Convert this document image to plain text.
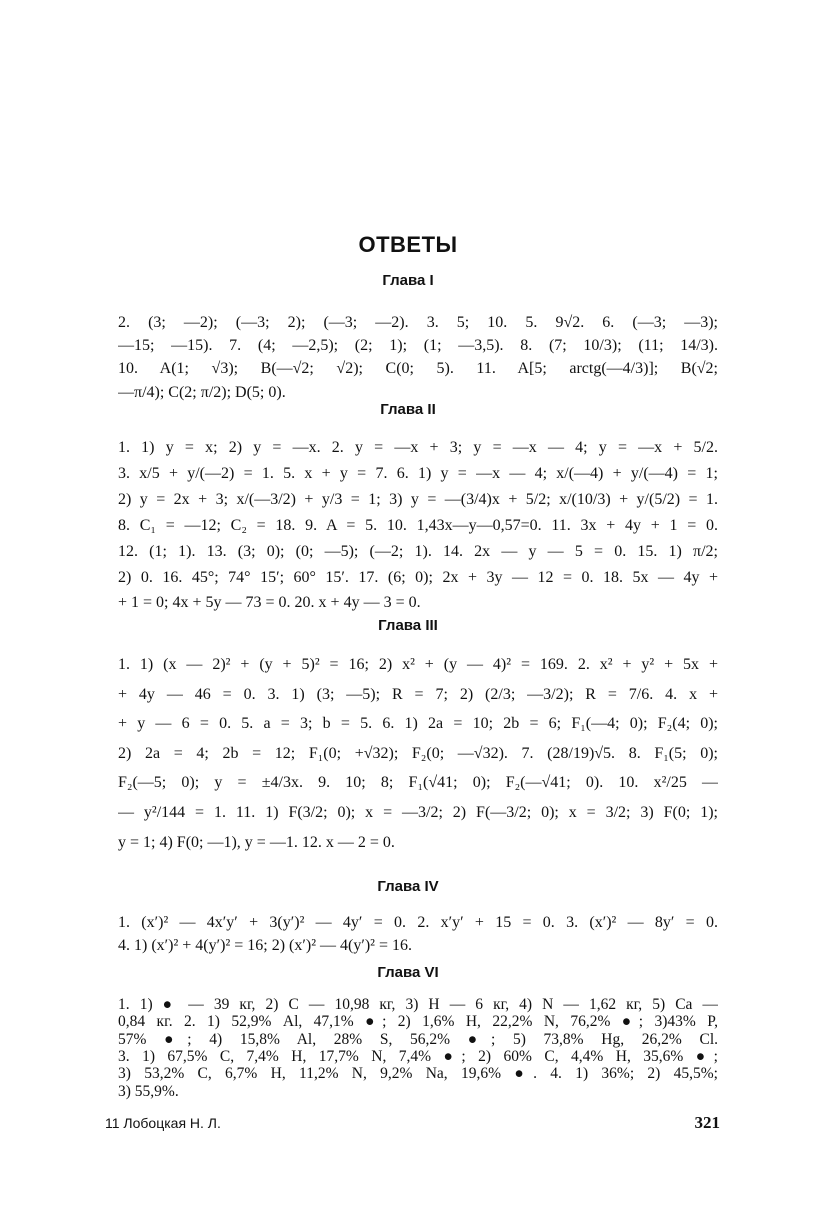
ОТВЕТЫ
Глава I
2. (3; —2); (—3; 2); (—3; —2). 3. 5; 10. 5. 9√2. 6. (—3; —3);
—15; —15). 7. (4; —2,5); (2; 1); (1; —3,5). 8. (7; 10/3); (11; 14/3).
10. A(1; √3); B(—√2; √2); C(0; 5). 11. A[5; arctg(—4/3)]; B(√2;
—π/4); C(2; π/2); D(5; 0).
Глава II
1. 1) y = x; 2) y = —x. 2. y = —x + 3; y = —x — 4; y = —x + 5/2.
3. x/5 + y/(—2) = 1. 5. x + y = 7. 6. 1) y = —x — 4; x/(—4) + y/(—4) = 1;
2) y = 2x + 3; x/(—3/2) + y/3 = 1; 3) y = —(3/4)x + 5/2; x/(10/3) + y/(5/2) = 1.
8. C₁ = —12; C₂ = 18. 9. A = 5. 10. 1,43x—y—0,57=0. 11. 3x + 4y + 1 = 0.
12. (1; 1). 13. (3; 0); (0; —5); (—2; 1). 14. 2x — y — 5 = 0. 15. 1) π/2;
2) 0. 16. 45°; 74° 15′; 60° 15′. 17. (6; 0); 2x + 3y — 12 = 0. 18. 5x — 4y +
+ 1 = 0; 4x + 5y — 73 = 0. 20. x + 4y — 3 = 0.
Глава III
1. 1) (x — 2)² + (y + 5)² = 16; 2) x² + (y — 4)² = 169. 2. x² + y² + 5x +
+ 4y — 46 = 0. 3. 1) (3; —5); R = 7; 2) (2/3; —3/2); R = 7/6. 4. x +
+ y — 6 = 0. 5. a = 3; b = 5. 6. 1) 2a = 10; 2b = 6; F₁(—4; 0); F₂(4; 0);
2) 2a = 4; 2b = 12; F₁(0; +√32); F₂(0; —√32). 7. (28/19)√5. 8. F₁(5; 0);
F₂(—5; 0); y = ±4/3x. 9. 10; 8; F₁(√41; 0); F₂(—√41; 0). 10. x²/25 —
— y²/144 = 1. 11. 1) F(3/2; 0); x = —3/2; 2) F(—3/2; 0); x = 3/2; 3) F(0; 1);
y = 1; 4) F(0; —1), y = —1. 12. x — 2 = 0.
Глава IV
1. (x′)² — 4x′y′ + 3(y′)² — 4y′ = 0. 2. x′y′ + 15 = 0. 3. (x′)² — 8y′ = 0.
4. 1) (x′)² + 4(y′)² = 16; 2) (x′)² — 4(y′)² = 16.
Глава VI
1. 1) ● — 39 кг, 2) C — 10,98 кг, 3) H — 6 кг, 4) N — 1,62 кг, 5) Ca —
0,84 кг. 2. 1) 52,9% Al, 47,1% ●; 2) 1,6% H, 22,2% N, 76,2% ●; 3)43% P,
57% ●; 4) 15,8% Al, 28% S, 56,2% ●; 5) 73,8% Hg, 26,2% Cl.
3. 1) 67,5% C, 7,4% H, 17,7% N, 7,4% ●; 2) 60% C, 4,4% H, 35,6% ●;
3) 53,2% C, 6,7% H, 11,2% N, 9,2% Na, 19,6% ●. 4. 1) 36%; 2) 45,5%;
3) 55,9%.
11 Лобоцкая Н. Л.	321
